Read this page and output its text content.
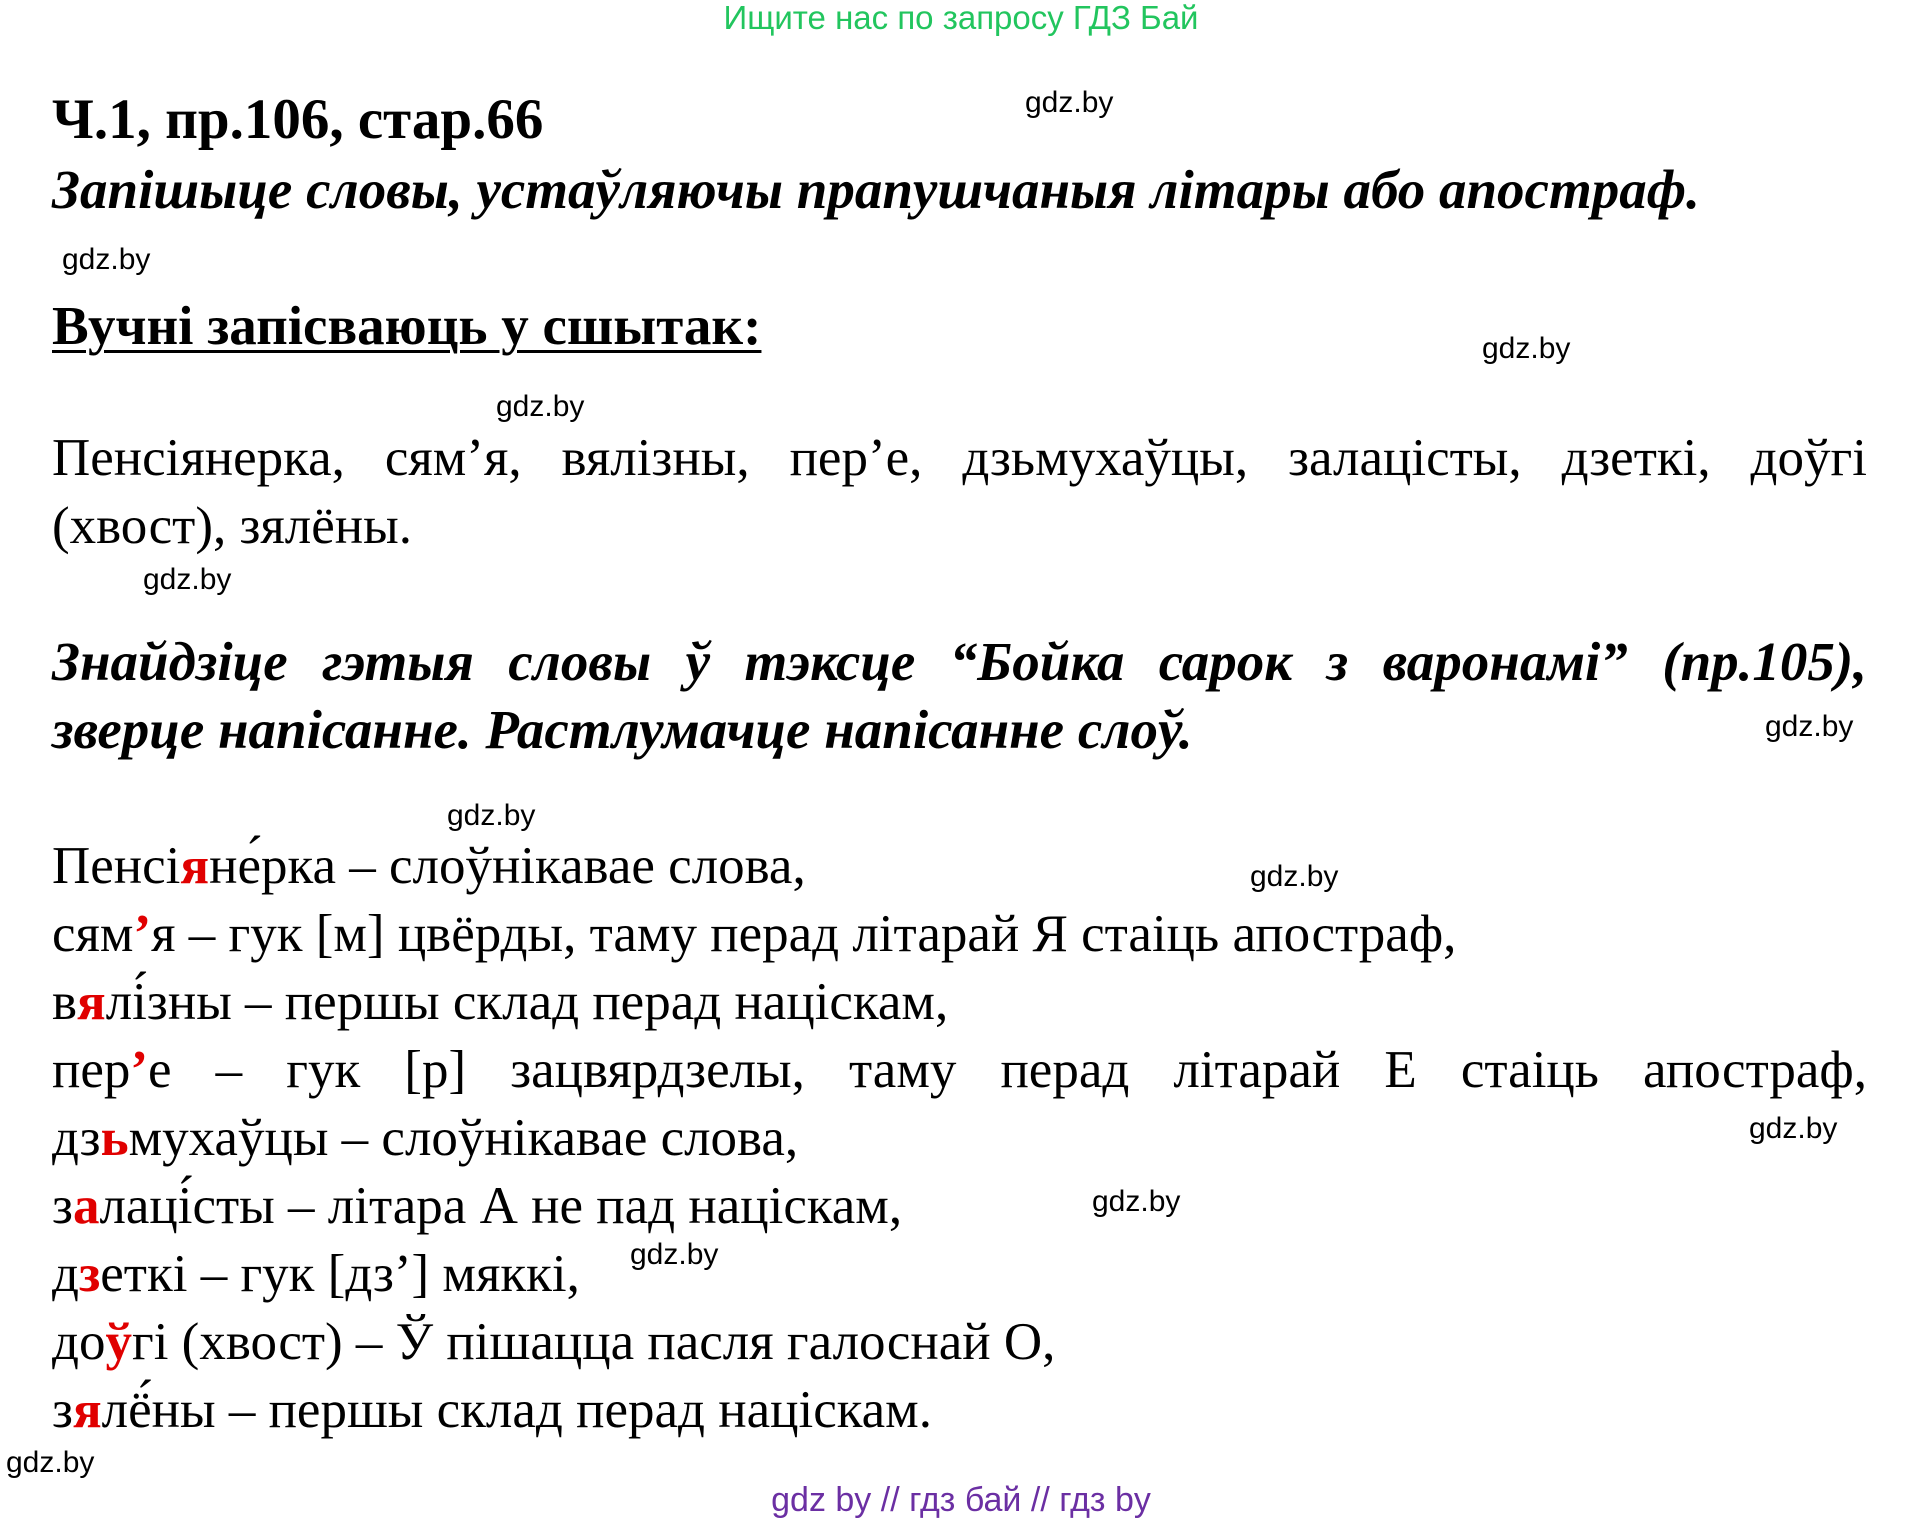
Ищите нас по запросу ГДЗ Бай
Ч.1, пр.106, стар.66
Запішыце словы, устаўляючы прапушчаныя літары або апостраф.
Вучні запісваюць у сшытак:
Пенсіянерка, сям’я, вялізны, пер’е, дзьмухаўцы, залацісты, дзеткі, доўгі
(хвост), зялёны.
Знайдзіце гэтыя словы ў тэксце “Бойка сарок з варонамі” (пр.105),
зверце напісанне. Растлумачце напісанне слоў.
Пенсіяне́рка – слоўнікавае слова,
сям’я – гук [м] цвёрды, таму перад літарай Я стаіць апостраф,
вялі́зны – першы склад перад націскам,
пер’е – гук [р] зацвярдзелы, таму перад літарай Е стаіць апостраф,
дзьмухаўцы – слоўнікавае слова,
залаці́сты – літара А не пад націскам,
дзеткі – гук [дз’] мяккі,
доўгі (хвост) – Ў пішацца пасля галоснай О,
зялё́ны – першы склад перад націскам.
gdz.by
gdz.by
gdz.by
gdz.by
gdz.by
gdz.by
gdz.by
gdz.by
gdz.by
gdz.by
gdz.by
gdz.by
gdz by // гдз бай // гдз by
